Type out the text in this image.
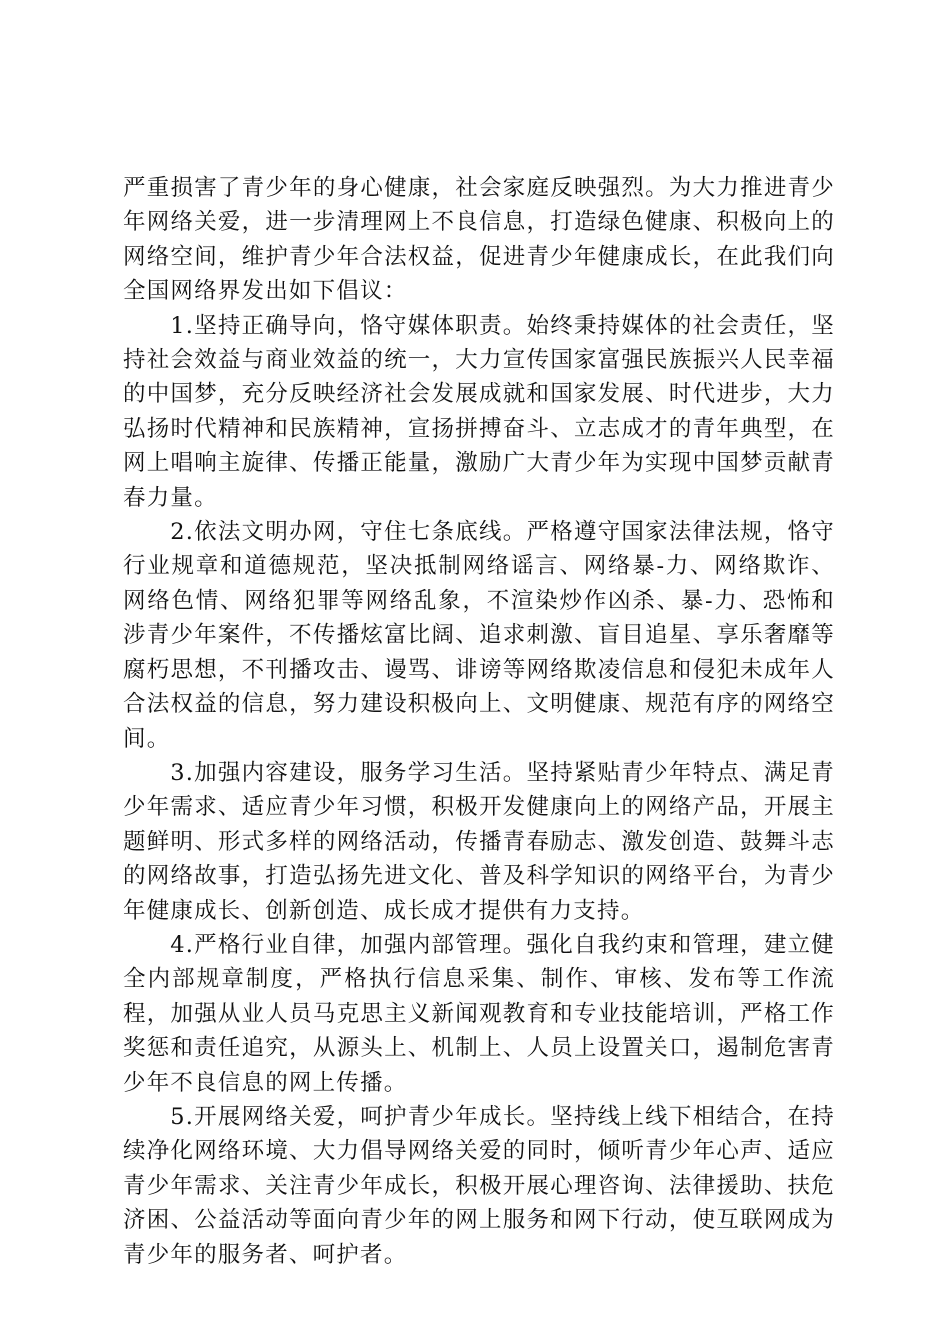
严重损害了青少年的身心健康，社会家庭反映强烈。为大力推进青少年网络关爱，进一步清理网上不良信息，打造绿色健康、积极向上的网络空间，维护青少年合法权益，促进青少年健康成长，在此我们向全国网络界发出如下倡议：

1.坚持正确导向，恪守媒体职责。始终秉持媒体的社会责任，坚持社会效益与商业效益的统一，大力宣传国家富强民族振兴人民幸福的中国梦，充分反映经济社会发展成就和国家发展、时代进步，大力弘扬时代精神和民族精神，宣扬拼搏奋斗、立志成才的青年典型，在网上唱响主旋律、传播正能量，激励广大青少年为实现中国梦贡献青春力量。

2.依法文明办网，守住七条底线。严格遵守国家法律法规，恪守行业规章和道德规范，坚决抵制网络谣言、网络暴-力、网络欺诈、网络色情、网络犯罪等网络乱象，不渲染炒作凶杀、暴-力、恐怖和涉青少年案件，不传播炫富比阔、追求刺激、盲目追星、享乐奢靡等腐朽思想，不刊播攻击、谩骂、诽谤等网络欺凌信息和侵犯未成年人合法权益的信息，努力建设积极向上、文明健康、规范有序的网络空间。

3.加强内容建设，服务学习生活。坚持紧贴青少年特点、满足青少年需求、适应青少年习惯，积极开发健康向上的网络产品，开展主题鲜明、形式多样的网络活动，传播青春励志、激发创造、鼓舞斗志的网络故事，打造弘扬先进文化、普及科学知识的网络平台，为青少年健康成长、创新创造、成长成才提供有力支持。

4.严格行业自律，加强内部管理。强化自我约束和管理，建立健全内部规章制度，严格执行信息采集、制作、审核、发布等工作流程，加强从业人员马克思主义新闻观教育和专业技能培训，严格工作奖惩和责任追究，从源头上、机制上、人员上设置关口，遏制危害青少年不良信息的网上传播。

5.开展网络关爱，呵护青少年成长。坚持线上线下相结合，在持续净化网络环境、大力倡导网络关爱的同时，倾听青少年心声、适应青少年需求、关注青少年成长，积极开展心理咨询、法律援助、扶危济困、公益活动等面向青少年的网上服务和网下行动，使互联网成为青少年的服务者、呵护者。
